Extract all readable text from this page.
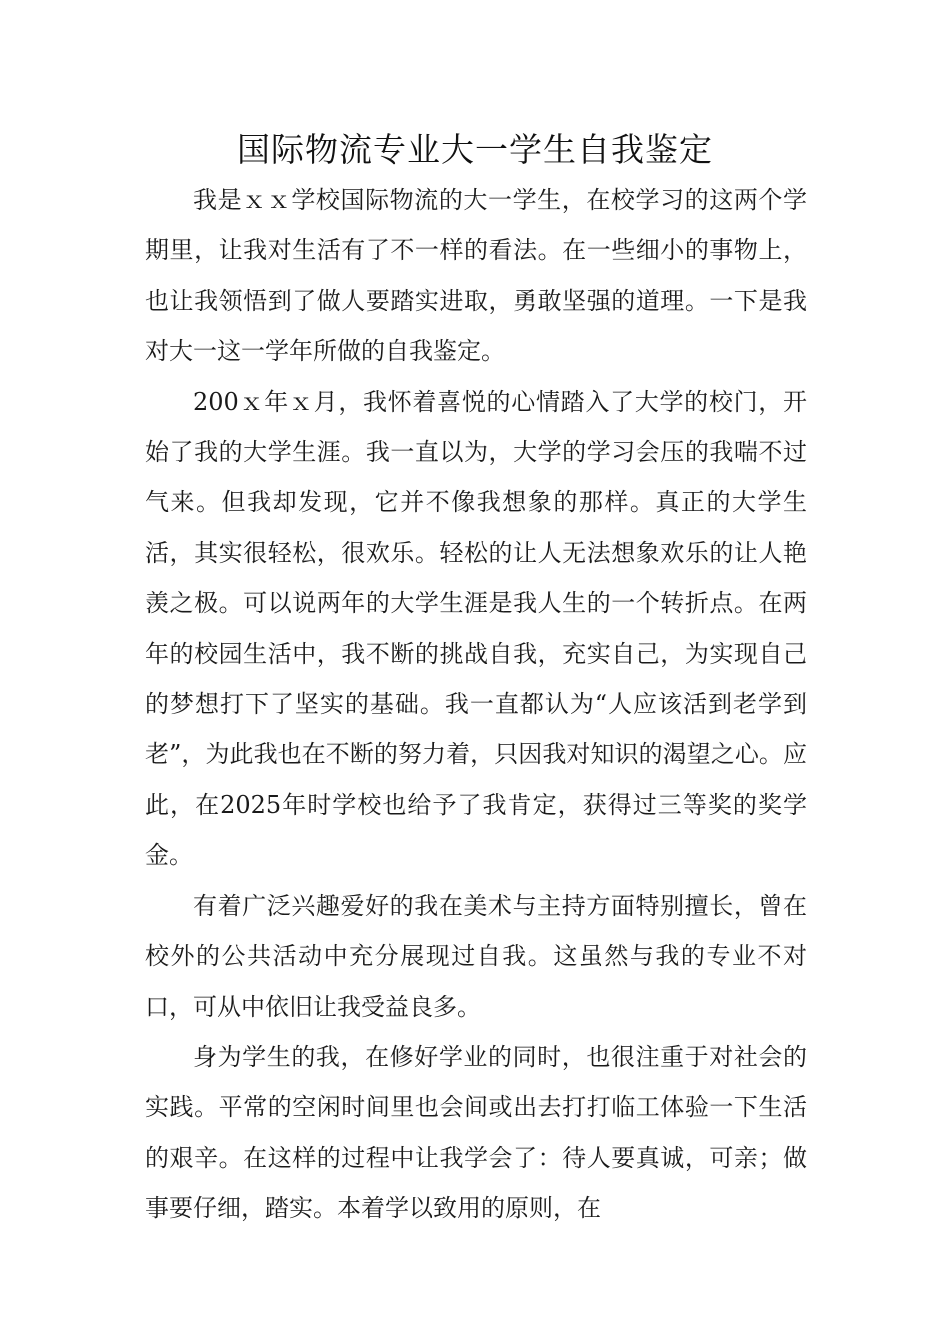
国际物流专业大一学生自我鉴定

我是ｘｘ学校国际物流的大一学生，在校学习的这两个学期里，让我对生活有了不一样的看法。在一些细小的事物上，也让我领悟到了做人要踏实进取，勇敢坚强的道理。一下是我对大一这一学年所做的自我鉴定。

200ｘ年ｘ月，我怀着喜悦的心情踏入了大学的校门，开始了我的大学生涯。我一直以为，大学的学习会压的我喘不过气来。但我却发现，它并不像我想象的那样。真正的大学生活，其实很轻松，很欢乐。轻松的让人无法想象欢乐的让人艳羡之极。可以说两年的大学生涯是我人生的一个转折点。在两年的校园生活中，我不断的挑战自我，充实自己，为实现自己的梦想打下了坚实的基础。我一直都认为“人应该活到老学到老”，为此我也在不断的努力着，只因我对知识的渴望之心。应此，在2025年时学校也给予了我肯定，获得过三等奖的奖学金。

有着广泛兴趣爱好的我在美术与主持方面特别擅长，曾在校外的公共活动中充分展现过自我。这虽然与我的专业不对口，可从中依旧让我受益良多。

身为学生的我，在修好学业的同时，也很注重于对社会的实践。平常的空闲时间里也会间或出去打打临工体验一下生活的艰辛。在这样的过程中让我学会了：待人要真诚，可亲；做事要仔细，踏实。本着学以致用的原则，在
